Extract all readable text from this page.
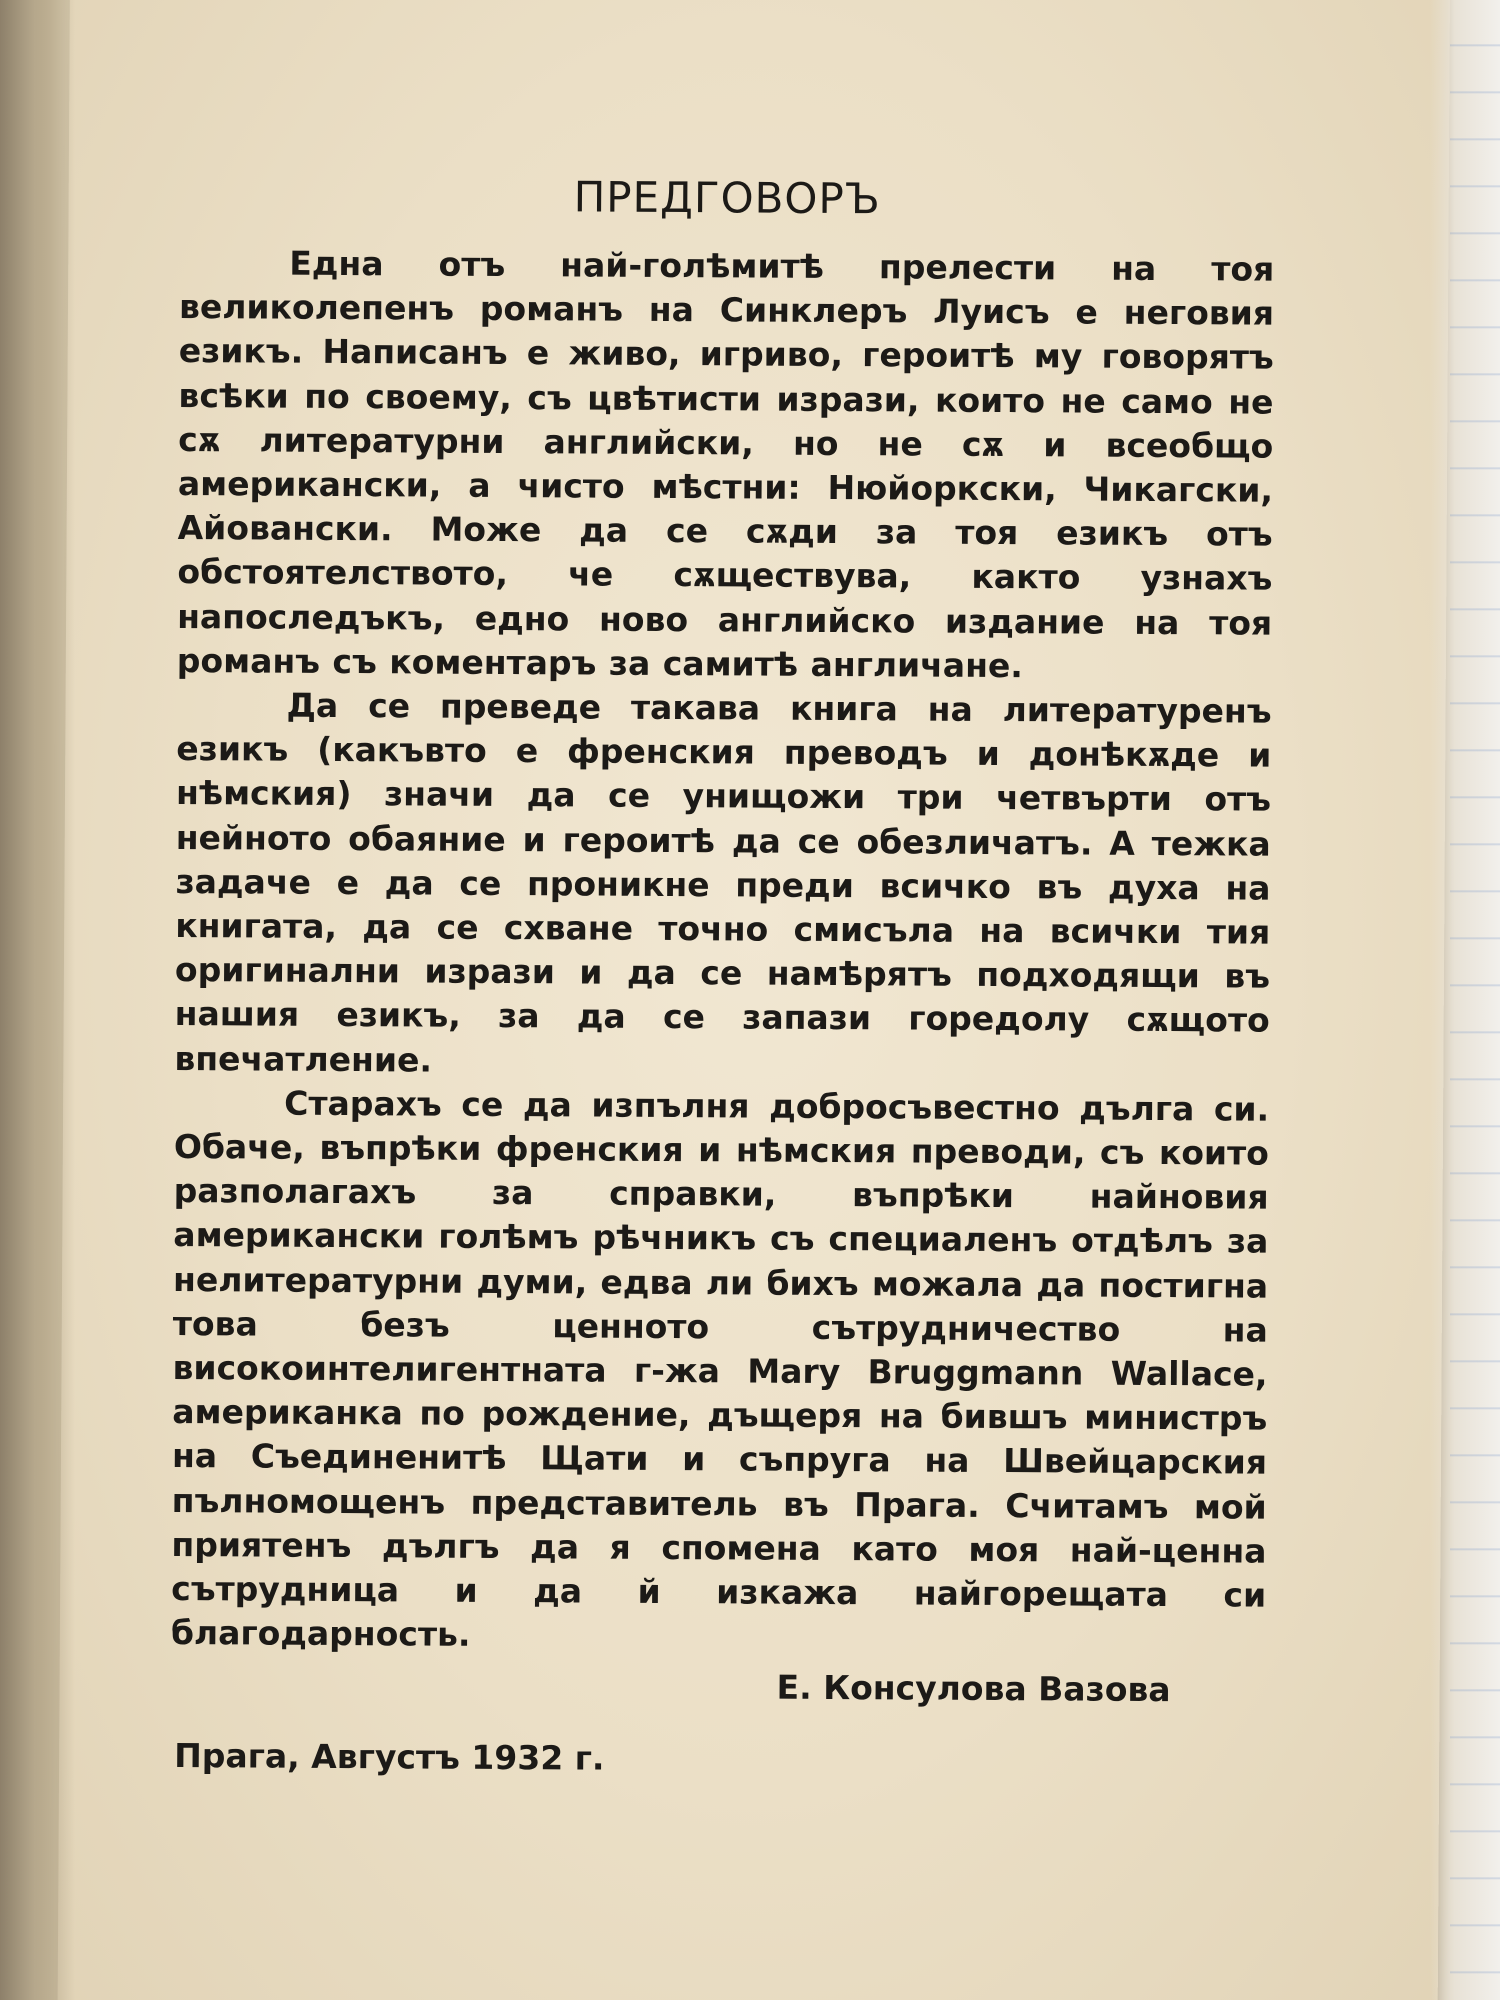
ПРЕДГОВОРЪ

Една отъ най-голѣмитѣ прелести на тоя великолепенъ романъ на Синклеръ Луисъ е неговия езикъ. Написанъ е живо, игриво, героитѣ му говорятъ всѣки по своему, съ цвѣтисти изрази, които не само не сѫ литературни английски, но не сѫ и всеобщо американски, а чисто мѣстни: Нюйоркски, Чикагски, Айовански. Може да се сѫди за тоя езикъ отъ обстоятелството, че сѫществува, както узнахъ напоследъкъ, едно ново английско издание на тоя романъ съ коментаръ за самитѣ англичане.

Да се преведе такава книга на литературенъ езикъ (какъвто е френския преводъ и донѣкѫде и нѣмския) значи да се унищожи три четвърти отъ нейното обаяние и героитѣ да се обезличатъ. А тежка задаче е да се проникне преди всичко въ духа на книгата, да се схване точно смисъла на всички тия оригинални изрази и да се намѣрятъ подходящи въ нашия езикъ, за да се запази горедолу сѫщото впечатление.

Старахъ се да изпълня добросъвестно дълга си. Обаче, въпрѣки френския и нѣмския преводи, съ които разполагахъ за справки, въпрѣки найновия американски голѣмъ рѣчникъ съ специаленъ отдѣлъ за нелитературни думи, едва ли бихъ можала да постигна това безъ ценното сътрудничество на високоинтелигентната г-жа Mary Bruggmann Wallace, американка по рождение, дъщеря на бившъ министръ на Съединенитѣ Щати и съпруга на Швейцарския пълномощенъ представитель въ Прага. Считамъ мой приятенъ дългъ да я спомена като моя най-ценна сътрудница и да й изкажа найгорещата си благодарность.

Е. Консулова Вазова
Прага, Августъ 1932 г.
